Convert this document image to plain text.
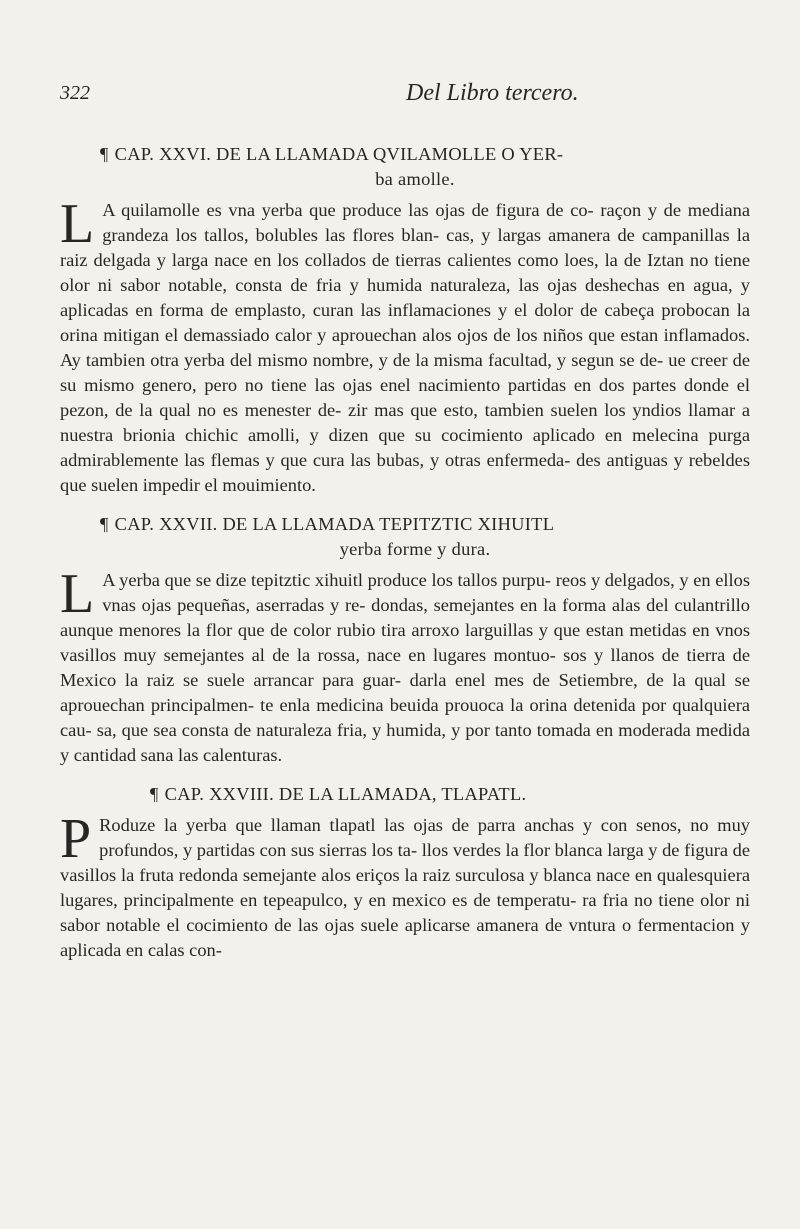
322	Del Libro tercero.
¶ CAP. XXVI. DE LA LLAMADA QVILAMOLLE O YER-
ba amolle.

L A quilamolle es vna yerba que produce las ojas de figura de co- raçon y de mediana grandeza los tallos, bolubles las flores blan- cas, y largas amanera de campanillas la raiz delgada y larga nace en los collados de tierras calientes como loes, la de Iztan no tiene olor ni sabor notable, consta de fria y humida naturaleza, las ojas deshechas en agua, y aplicadas en forma de emplasto, curan las inflamaciones y el dolor de cabeça probocan la orina mitigan el demassiado calor y aprouechan alos ojos de los niños que estan inflamados. Ay tambien otra yerba del mismo nombre, y de la misma facultad, y segun se de- ue creer de su mismo genero, pero no tiene las ojas enel nacimiento partidas en dos partes donde el pezon, de la qual no es menester de- zir mas que esto, tambien suelen los yndios llamar a nuestra brionia chichic amolli, y dizen que su cocimiento aplicado en melecina purga admirablemente las flemas y que cura las bubas, y otras enfermeda- des antiguas y rebeldes que suelen impedir el mouimiento.

¶ CAP. XXVII. DE LA LLAMADA TEPITZTIC XIHUITL
yerba forme y dura.

L A yerba que se dize tepitztic xihuitl produce los tallos purpu- reos y delgados, y en ellos vnas ojas pequeñas, aserradas y re- dondas, semejantes en la forma alas del culantrillo aunque menores la flor que de color rubio tira arroxo larguillas y que estan metidas en vnos vasillos muy semejantes al de la rossa, nace en lugares montuo- sos y llanos de tierra de Mexico la raiz se suele arrancar para guar- darla enel mes de Setiembre, de la qual se aprouechan principalmen- te enla medicina beuida prouoca la orina detenida por qualquiera cau- sa, que sea consta de naturaleza fria, y humida, y por tanto tomada en moderada medida y cantidad sana las calenturas.

¶ CAP. XXVIII. DE LA LLAMADA, TLAPATL.

P Roduze la yerba que llaman tlapatl las ojas de parra anchas y con senos, no muy profundos, y partidas con sus sierras los ta- llos verdes la flor blanca larga y de figura de vasillos la fruta redonda semejante alos eriços la raiz surculosa y blanca nace en qualesquiera lugares, principalmente en tepeapulco, y en mexico es de temperatu- ra fria no tiene olor ni sabor notable el cocimiento de las ojas suele aplicarse amanera de vntura o fermentacion y aplicada en calas con-
